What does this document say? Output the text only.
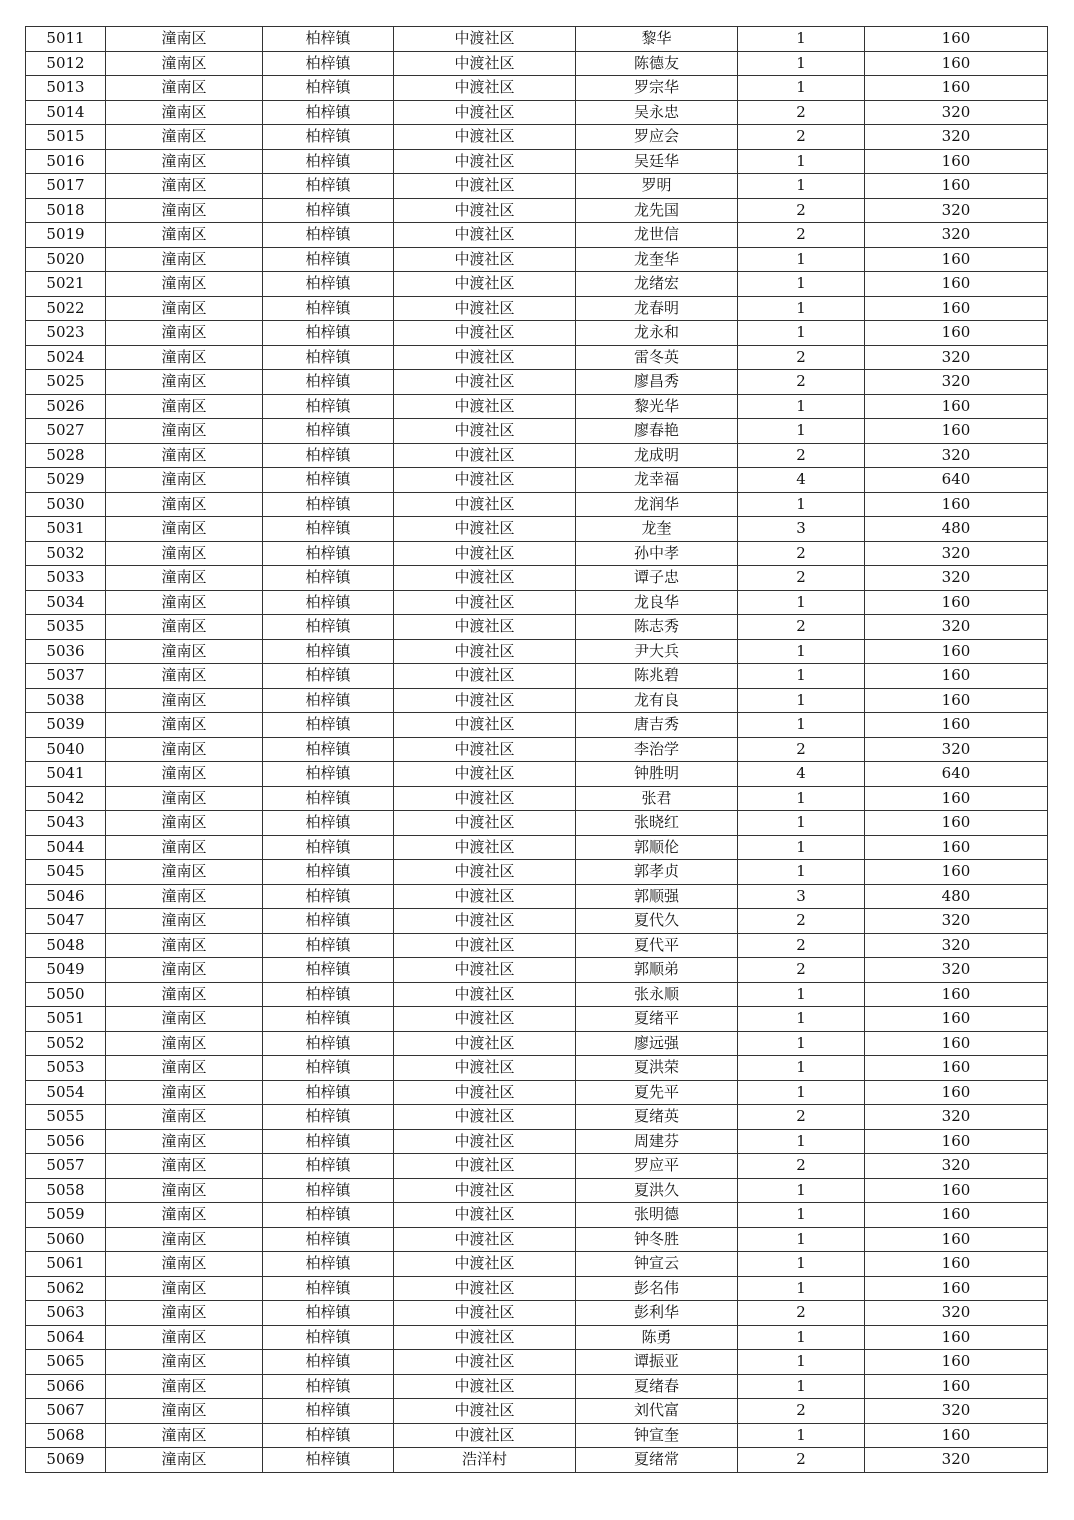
5011	潼南区	柏梓镇	中渡社区	黎华	1	160
5012	潼南区	柏梓镇	中渡社区	陈德友	1	160
5013	潼南区	柏梓镇	中渡社区	罗宗华	1	160
5014	潼南区	柏梓镇	中渡社区	吴永忠	2	320
5015	潼南区	柏梓镇	中渡社区	罗应会	2	320
5016	潼南区	柏梓镇	中渡社区	吴廷华	1	160
5017	潼南区	柏梓镇	中渡社区	罗明	1	160
5018	潼南区	柏梓镇	中渡社区	龙先国	2	320
5019	潼南区	柏梓镇	中渡社区	龙世信	2	320
5020	潼南区	柏梓镇	中渡社区	龙奎华	1	160
5021	潼南区	柏梓镇	中渡社区	龙绪宏	1	160
5022	潼南区	柏梓镇	中渡社区	龙春明	1	160
5023	潼南区	柏梓镇	中渡社区	龙永和	1	160
5024	潼南区	柏梓镇	中渡社区	雷冬英	2	320
5025	潼南区	柏梓镇	中渡社区	廖昌秀	2	320
5026	潼南区	柏梓镇	中渡社区	黎光华	1	160
5027	潼南区	柏梓镇	中渡社区	廖春艳	1	160
5028	潼南区	柏梓镇	中渡社区	龙成明	2	320
5029	潼南区	柏梓镇	中渡社区	龙幸福	4	640
5030	潼南区	柏梓镇	中渡社区	龙润华	1	160
5031	潼南区	柏梓镇	中渡社区	龙奎	3	480
5032	潼南区	柏梓镇	中渡社区	孙中孝	2	320
5033	潼南区	柏梓镇	中渡社区	谭子忠	2	320
5034	潼南区	柏梓镇	中渡社区	龙良华	1	160
5035	潼南区	柏梓镇	中渡社区	陈志秀	2	320
5036	潼南区	柏梓镇	中渡社区	尹大兵	1	160
5037	潼南区	柏梓镇	中渡社区	陈兆碧	1	160
5038	潼南区	柏梓镇	中渡社区	龙有良	1	160
5039	潼南区	柏梓镇	中渡社区	唐吉秀	1	160
5040	潼南区	柏梓镇	中渡社区	李治学	2	320
5041	潼南区	柏梓镇	中渡社区	钟胜明	4	640
5042	潼南区	柏梓镇	中渡社区	张君	1	160
5043	潼南区	柏梓镇	中渡社区	张晓红	1	160
5044	潼南区	柏梓镇	中渡社区	郭顺伦	1	160
5045	潼南区	柏梓镇	中渡社区	郭孝贞	1	160
5046	潼南区	柏梓镇	中渡社区	郭顺强	3	480
5047	潼南区	柏梓镇	中渡社区	夏代久	2	320
5048	潼南区	柏梓镇	中渡社区	夏代平	2	320
5049	潼南区	柏梓镇	中渡社区	郭顺弟	2	320
5050	潼南区	柏梓镇	中渡社区	张永顺	1	160
5051	潼南区	柏梓镇	中渡社区	夏绪平	1	160
5052	潼南区	柏梓镇	中渡社区	廖远强	1	160
5053	潼南区	柏梓镇	中渡社区	夏洪荣	1	160
5054	潼南区	柏梓镇	中渡社区	夏先平	1	160
5055	潼南区	柏梓镇	中渡社区	夏绪英	2	320
5056	潼南区	柏梓镇	中渡社区	周建芬	1	160
5057	潼南区	柏梓镇	中渡社区	罗应平	2	320
5058	潼南区	柏梓镇	中渡社区	夏洪久	1	160
5059	潼南区	柏梓镇	中渡社区	张明德	1	160
5060	潼南区	柏梓镇	中渡社区	钟冬胜	1	160
5061	潼南区	柏梓镇	中渡社区	钟宣云	1	160
5062	潼南区	柏梓镇	中渡社区	彭名伟	1	160
5063	潼南区	柏梓镇	中渡社区	彭利华	2	320
5064	潼南区	柏梓镇	中渡社区	陈勇	1	160
5065	潼南区	柏梓镇	中渡社区	谭振亚	1	160
5066	潼南区	柏梓镇	中渡社区	夏绪春	1	160
5067	潼南区	柏梓镇	中渡社区	刘代富	2	320
5068	潼南区	柏梓镇	中渡社区	钟宣奎	1	160
5069	潼南区	柏梓镇	浩洋村	夏绪常	2	320
